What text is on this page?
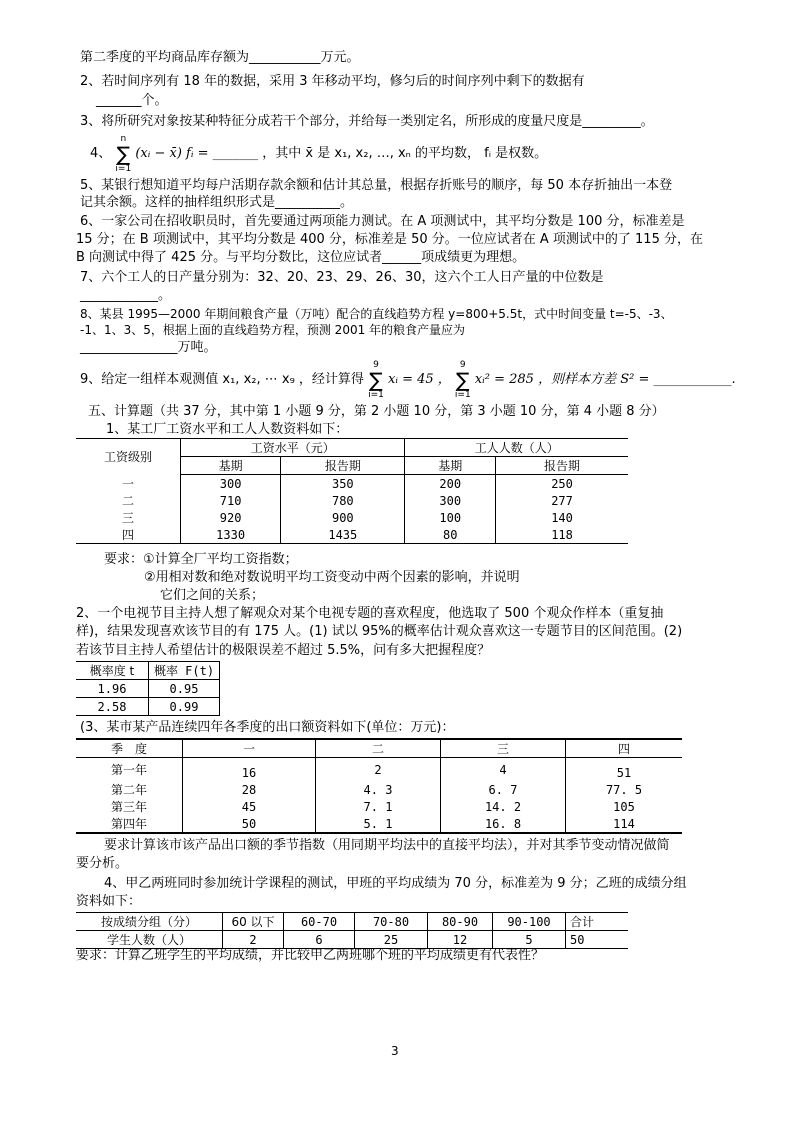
第二季度的平均商品库存额为___________万元。
2、若时间序列有 18 年的数据，采用 3 年移动平均，修匀后的时间序列中剩下的数据有
_______个。
3、将所研究对象按某种特征分成若干个部分，并给每一类别定名，所形成的度量尺度是_________。
4、 n
∑
i=1 (xᵢ − x̄) fᵢ = _______ ，其中 x̄ 是 x₁, x₂, …, xₙ 的平均数， fᵢ 是权数。
5、某银行想知道平均每户活期存款余额和估计其总量，根据存折账号的顺序，每 50 本存折抽出一本登
记其余额。这样的抽样组织形式是__________。
6、一家公司在招收职员时，首先要通过两项能力测试。在 A 项测试中，其平均分数是 100 分，标准差是
15 分；在 B 项测试中，其平均分数是 400 分，标准差是 50 分。一位应试者在 A 项测试中的了 115 分，在
B 向测试中得了 425 分。与平均分数比，这位应试者______项成绩更为理想。
7、六个工人的日产量分别为：32、20、23、29、26、30，这六个工人日产量的中位数是
____________。
8、某县 1995—2000 年期间粮食产量（万吨）配合的直线趋势方程 y=800+5.5t，式中时间变量 t=-5、-3、
-1、1、3、5，根据上面的直线趋势方程，预测 2001 年的粮食产量应为
_______________万吨。
9、给定一组样本观测值 x₁, x₂, ⋯ x₉ ，经计算得 9
∑
i=1 xᵢ = 45 ， 9
∑
i=1 xᵢ² = 285 ，则样本方差 S² = ____________.
五、计算题（共 37 分，其中第 1 小题 9 分，第 2 小题 10 分，第 3 小题 10 分，第 4 小题 8 分）
1、某工厂工资水平和工人人数资料如下：
工资级别	工资水平（元）		工人人数（人）	
	基期	报告期	基期	报告期
一	300	350	200	250
二	710	780	300	277
三	920	900	100	140
四	1330	1435	80	118
要求：①计算全厂平均工资指数；
②用相对数和绝对数说明平均工资变动中两个因素的影响，并说明
它们之间的关系；
2、一个电视节目主持人想了解观众对某个电视专题的喜欢程度，他选取了 500 个观众作样本（重复抽
样)，结果发现喜欢该节目的有 175 人。(1) 试以 95%的概率估计观众喜欢这一专题节目的区间范围。(2)
若该节目主持人希望估计的极限误差不超过 5.5%，问有多大把握程度？
概率度 t	概率 F(t)
1.96	0.95
2.58	0.99
(3、某市某产品连续四年各季度的出口额资料如下(单位：万元)：
季　度	一	二	三	四
第一年	16	2	4	51
第二年	28	4. 3	6. 7	77. 5
第三年	45	7. 1	14. 2	105
第四年	50	5. 1	16. 8	114
要求计算该市该产品出口额的季节指数（用同期平均法中的直接平均法），并对其季节变动情况做简
要分析。
4、甲乙两班同时参加统计学课程的测试，甲班的平均成绩为 70 分，标准差为 9 分；乙班的成绩分组
资料如下：
按成绩分组（分）	60 以下	60-70	70-80	80-90	90-100	合计
学生人数（人）	2	6	25	12	5	50
要求：计算乙班学生的平均成绩，并比较甲乙两班哪个班的平均成绩更有代表性？
3
